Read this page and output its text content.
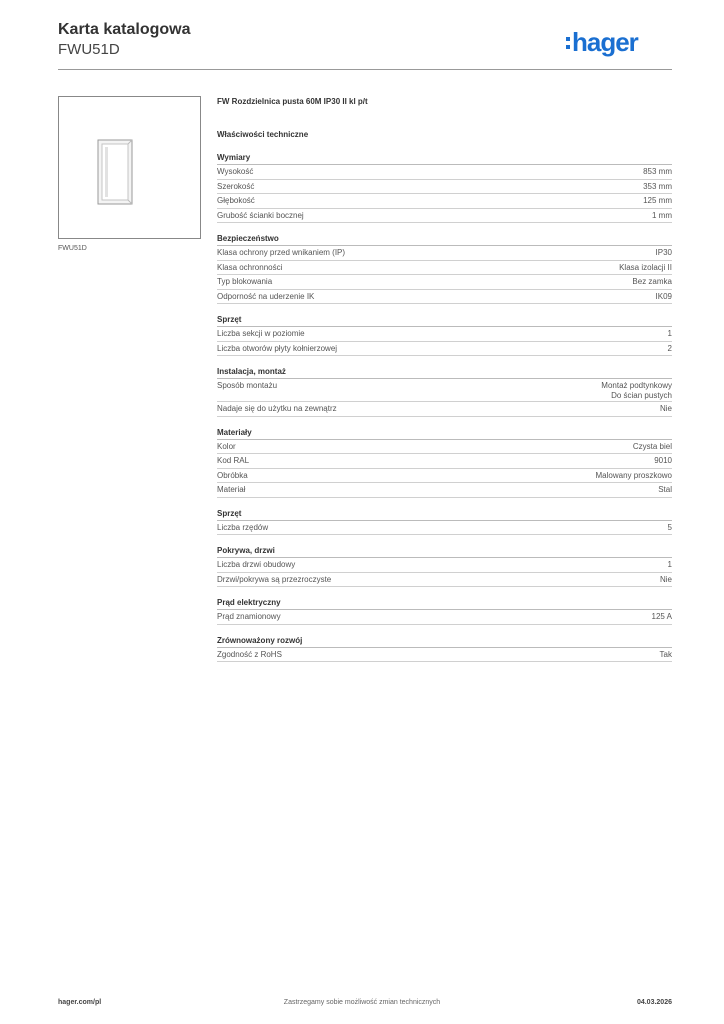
Karta katalogowa
FWU51D	hager
FWU51D
FW Rozdzielnica pusta 60M IP30 II kl p/t
Właściwości techniczne
Wymiary
Wysokość	853 mm
Szerokość	353 mm
Głębokość	125 mm
Grubość ścianki bocznej	1 mm
Bezpieczeństwo
Klasa ochrony przed wnikaniem (IP)	IP30
Klasa ochronności	Klasa izolacji II
Typ blokowania	Bez zamka
Odporność na uderzenie IK	IK09
Sprzęt
Liczba sekcji w poziomie	1
Liczba otworów płyty kołnierzowej	2
Instalacja, montaż
Sposób montażu	Montaż podtynkowy
Do ścian pustych
Nadaje się do użytku na zewnątrz	Nie
Materiały
Kolor	Czysta biel
Kod RAL	9010
Obróbka	Malowany proszkowo
Materiał	Stal
Sprzęt
Liczba rzędów	5
Pokrywa, drzwi
Liczba drzwi obudowy	1
Drzwi/pokrywa są przezroczyste	Nie
Prąd elektryczny
Prąd znamionowy	125 A
Zrównoważony rozwój
Zgodność z RoHS	Tak
hager.com/pl	Zastrzegamy sobie możliwość zmian technicznych	04.03.2026
